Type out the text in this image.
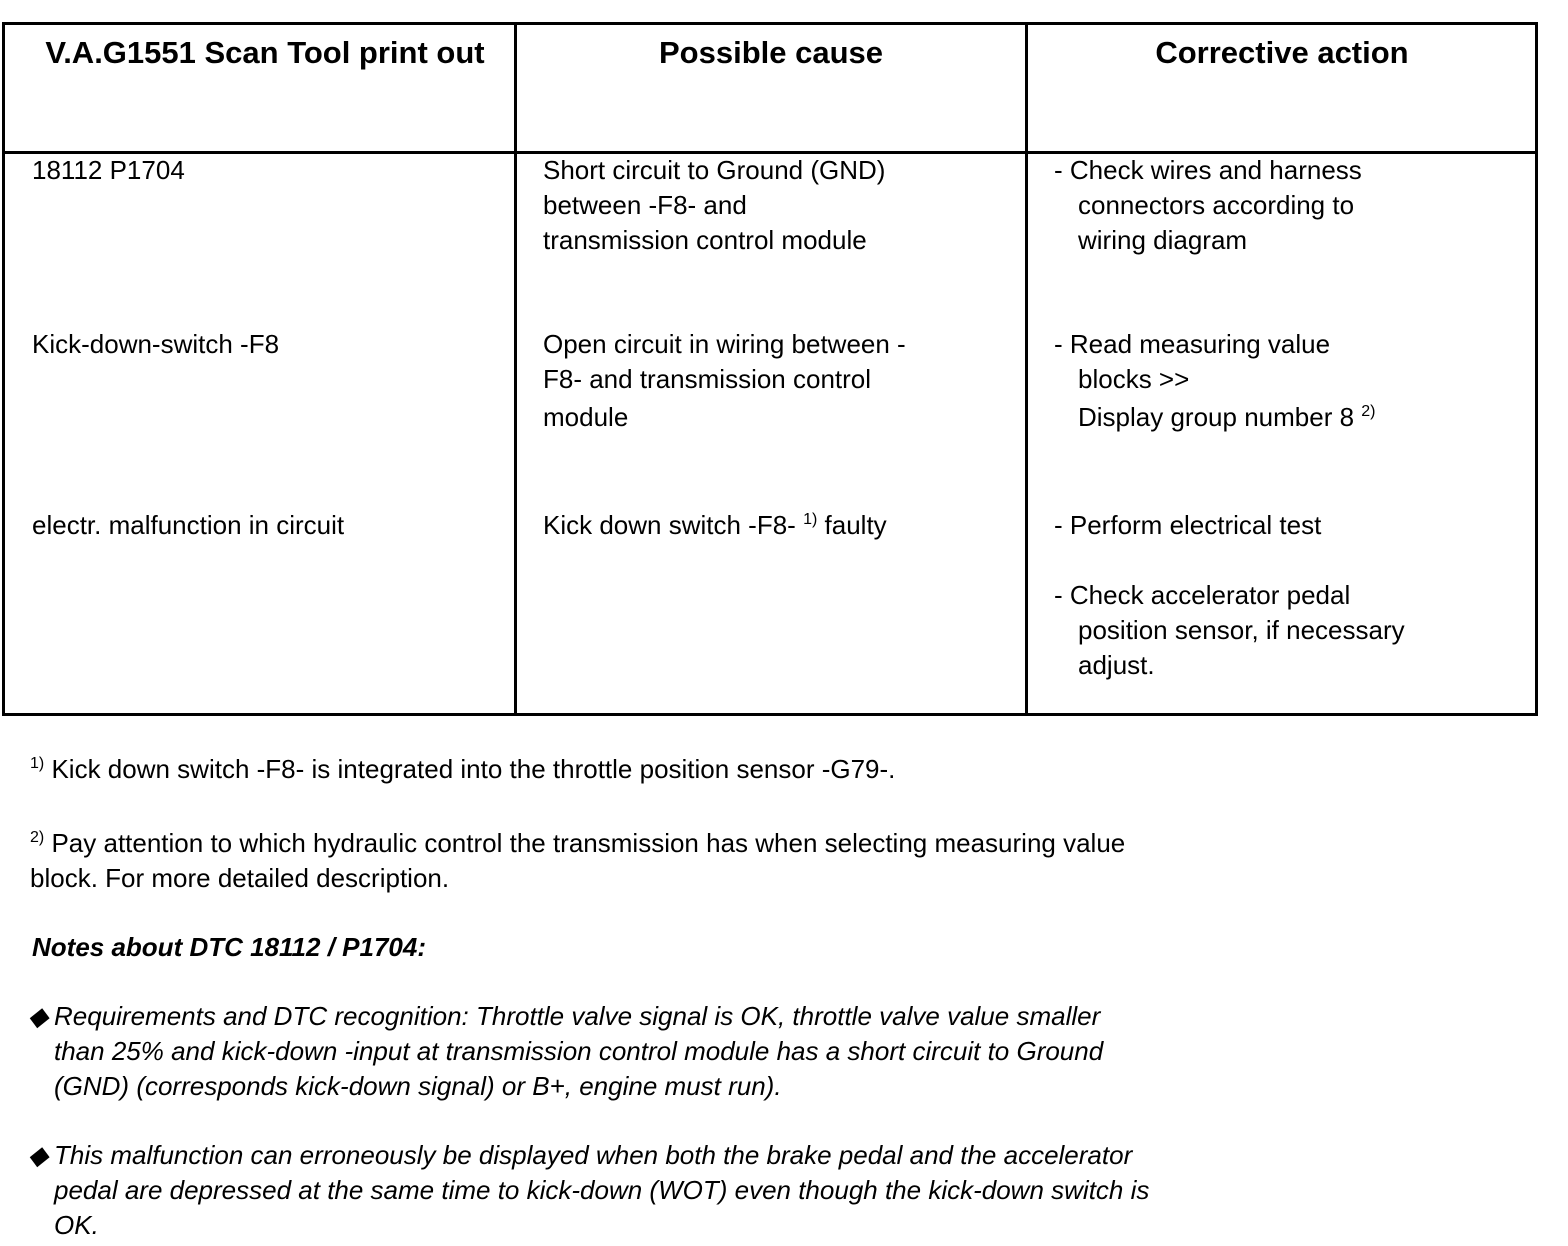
V.A.G1551 Scan Tool print out	Possible cause	Corrective action
18112 P1704
Kick-down-switch -F8
electr. malfunction in circuit
Short circuit to Ground (GND)
between -F8- and
transmission control module
Open circuit in wiring between -
F8- and transmission control
module
Kick down switch -F8- $^{1)}$ faulty
- Check wires and harness
connectors according to
wiring diagram
- Read measuring value
blocks >>
Display group number 8 $^{2)}$
- Perform electrical test
- Check accelerator pedal
position sensor, if necessary
adjust.
$^{1)}$ Kick down switch -F8- is integrated into the throttle position sensor -G79-.
$^{2)}$ Pay attention to which hydraulic control the transmission has when selecting measuring value
block. For more detailed description.
Notes about DTC 18112 / P1704:
◆ Requirements and DTC recognition: Throttle valve signal is OK, throttle valve value smaller
than 25% and kick-down -input at transmission control module has a short circuit to Ground
(GND) (corresponds kick-down signal) or B+, engine must run).
◆ This malfunction can erroneously be displayed when both the brake pedal and the accelerator
pedal are depressed at the same time to kick-down (WOT) even though the kick-down switch is
OK.
